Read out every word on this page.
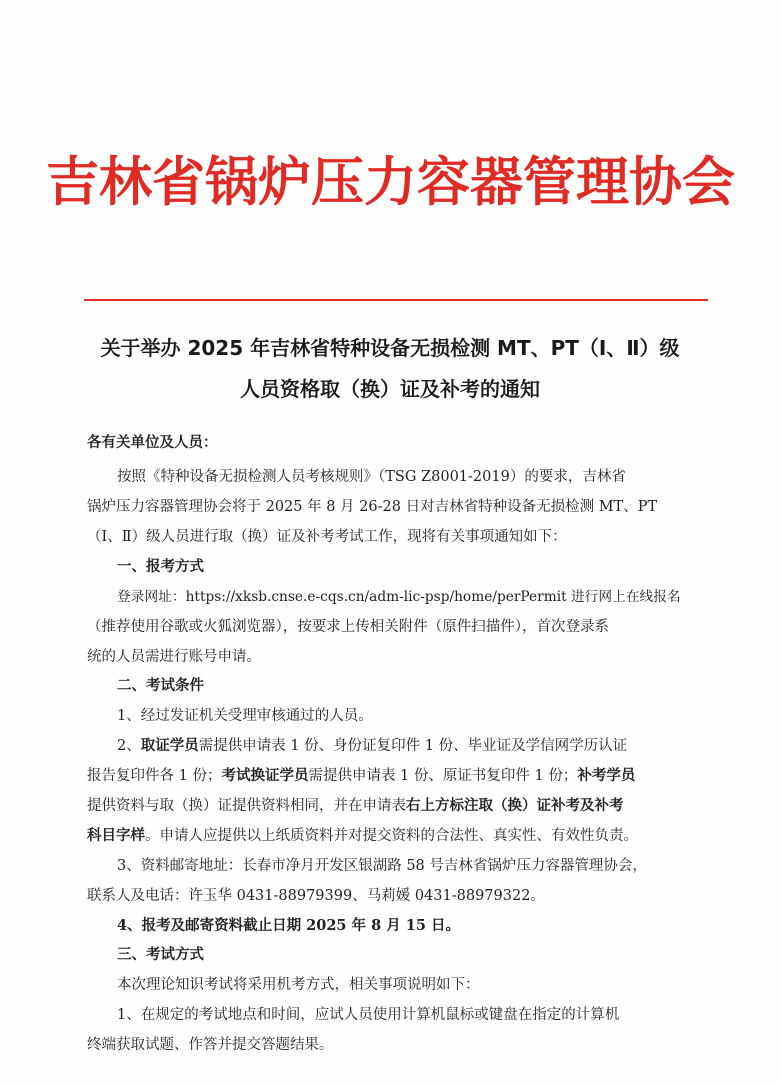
吉林省锅炉压力容器管理协会
关于举办 2025 年吉林省特种设备无损检测 MT、PT（Ⅰ、Ⅱ）级
人员资格取（换）证及补考的通知
各有关单位及人员：
按照《特种设备无损检测人员考核规则》（TSG Z8001-2019）的要求，吉林省
锅炉压力容器管理协会将于 2025 年 8 月 26-28 日对吉林省特种设备无损检测 MT、PT
（Ⅰ、Ⅱ）级人员进行取（换）证及补考考试工作，现将有关事项通知如下：
一、报考方式
登录网址：https://xksb.cnse.e-cqs.cn/adm-lic-psp/home/perPermit 进行网上在线报名
（推荐使用谷歌或火狐浏览器），按要求上传相关附件（原件扫描件），首次登录系
统的人员需进行账号申请。
二、考试条件
1、经过发证机关受理审核通过的人员。
2、取证学员需提供申请表 1 份、身份证复印件 1 份、毕业证及学信网学历认证
报告复印件各 1 份；考试换证学员需提供申请表 1 份、原证书复印件 1 份；补考学员
提供资料与取（换）证提供资料相同，并在申请表右上方标注取（换）证补考及补考
科目字样。申请人应提供以上纸质资料并对提交资料的合法性、真实性、有效性负责。
3、资料邮寄地址：长春市净月开发区银湖路 58 号吉林省锅炉压力容器管理协会，
联系人及电话：许玉华 0431-88979399、马莉媛 0431-88979322。
4、报考及邮寄资料截止日期 2025 年 8 月 15 日。
三、考试方式
本次理论知识考试将采用机考方式，相关事项说明如下：
1、在规定的考试地点和时间，应试人员使用计算机鼠标或键盘在指定的计算机
终端获取试题、作答并提交答题结果。
